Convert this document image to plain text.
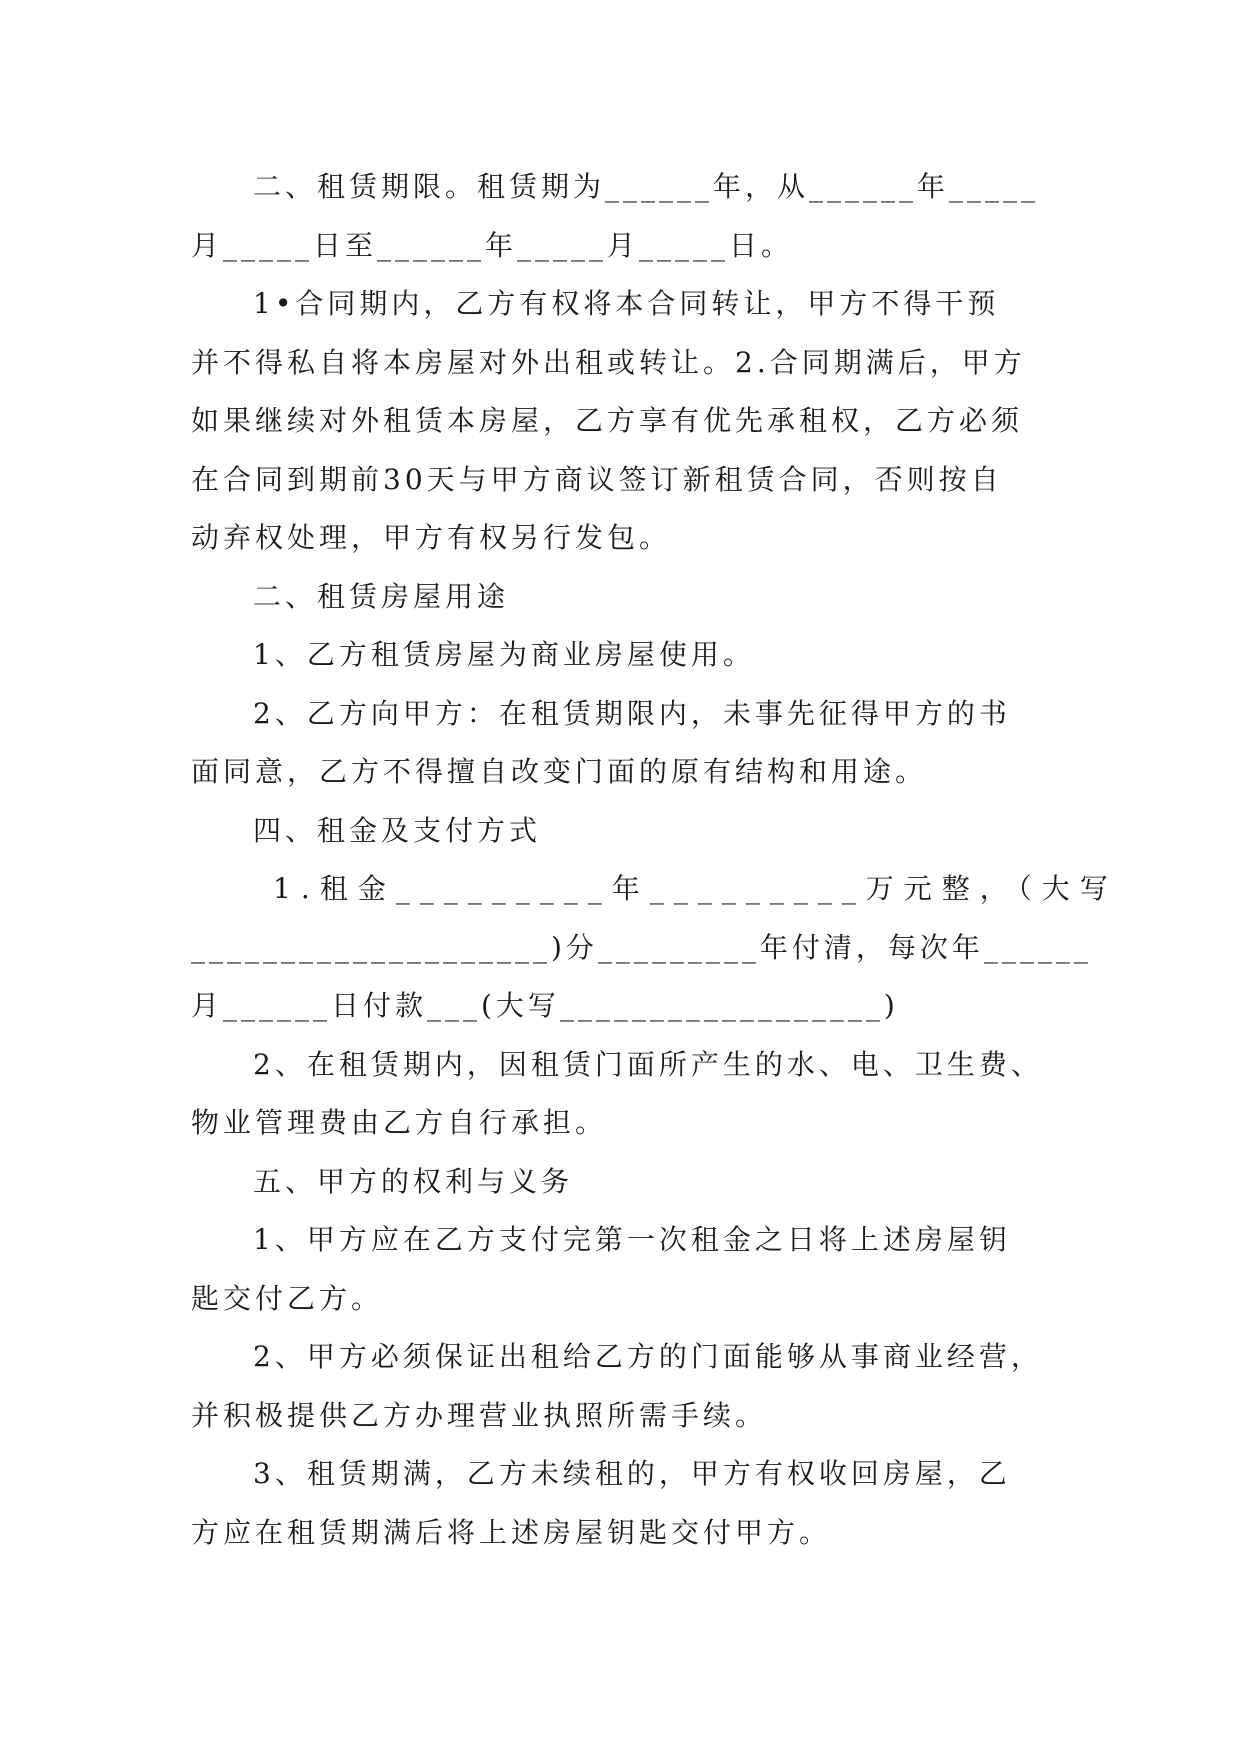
二、租赁期限。租赁期为______年，从______年_____
月_____日至______年_____月_____日。
1•合同期内，乙方有权将本合同转让，甲方不得干预
并不得私自将本房屋对外出租或转让。2.合同期满后，甲方
如果继续对外租赁本房屋，乙方享有优先承租权，乙方必须
在合同到期前30天与甲方商议签订新租赁合同，否则按自
动弃权处理，甲方有权另行发包。
二、租赁房屋用途
1、乙方租赁房屋为商业房屋使用。
2、乙方向甲方：在租赁期限内，未事先征得甲方的书
面同意，乙方不得擅自改变门面的原有结构和用途。
四、租金及支付方式
1.租金_________年_________万元整，（大写
____________________)分_________年付清，每次年______
月______日付款___(大写__________________)
2、在租赁期内，因租赁门面所产生的水、电、卫生费、
物业管理费由乙方自行承担。
五、甲方的权利与义务
1、甲方应在乙方支付完第一次租金之日将上述房屋钥
匙交付乙方。
2、甲方必须保证出租给乙方的门面能够从事商业经营，
并积极提供乙方办理营业执照所需手续。
3、租赁期满，乙方未续租的，甲方有权收回房屋，乙
方应在租赁期满后将上述房屋钥匙交付甲方。
